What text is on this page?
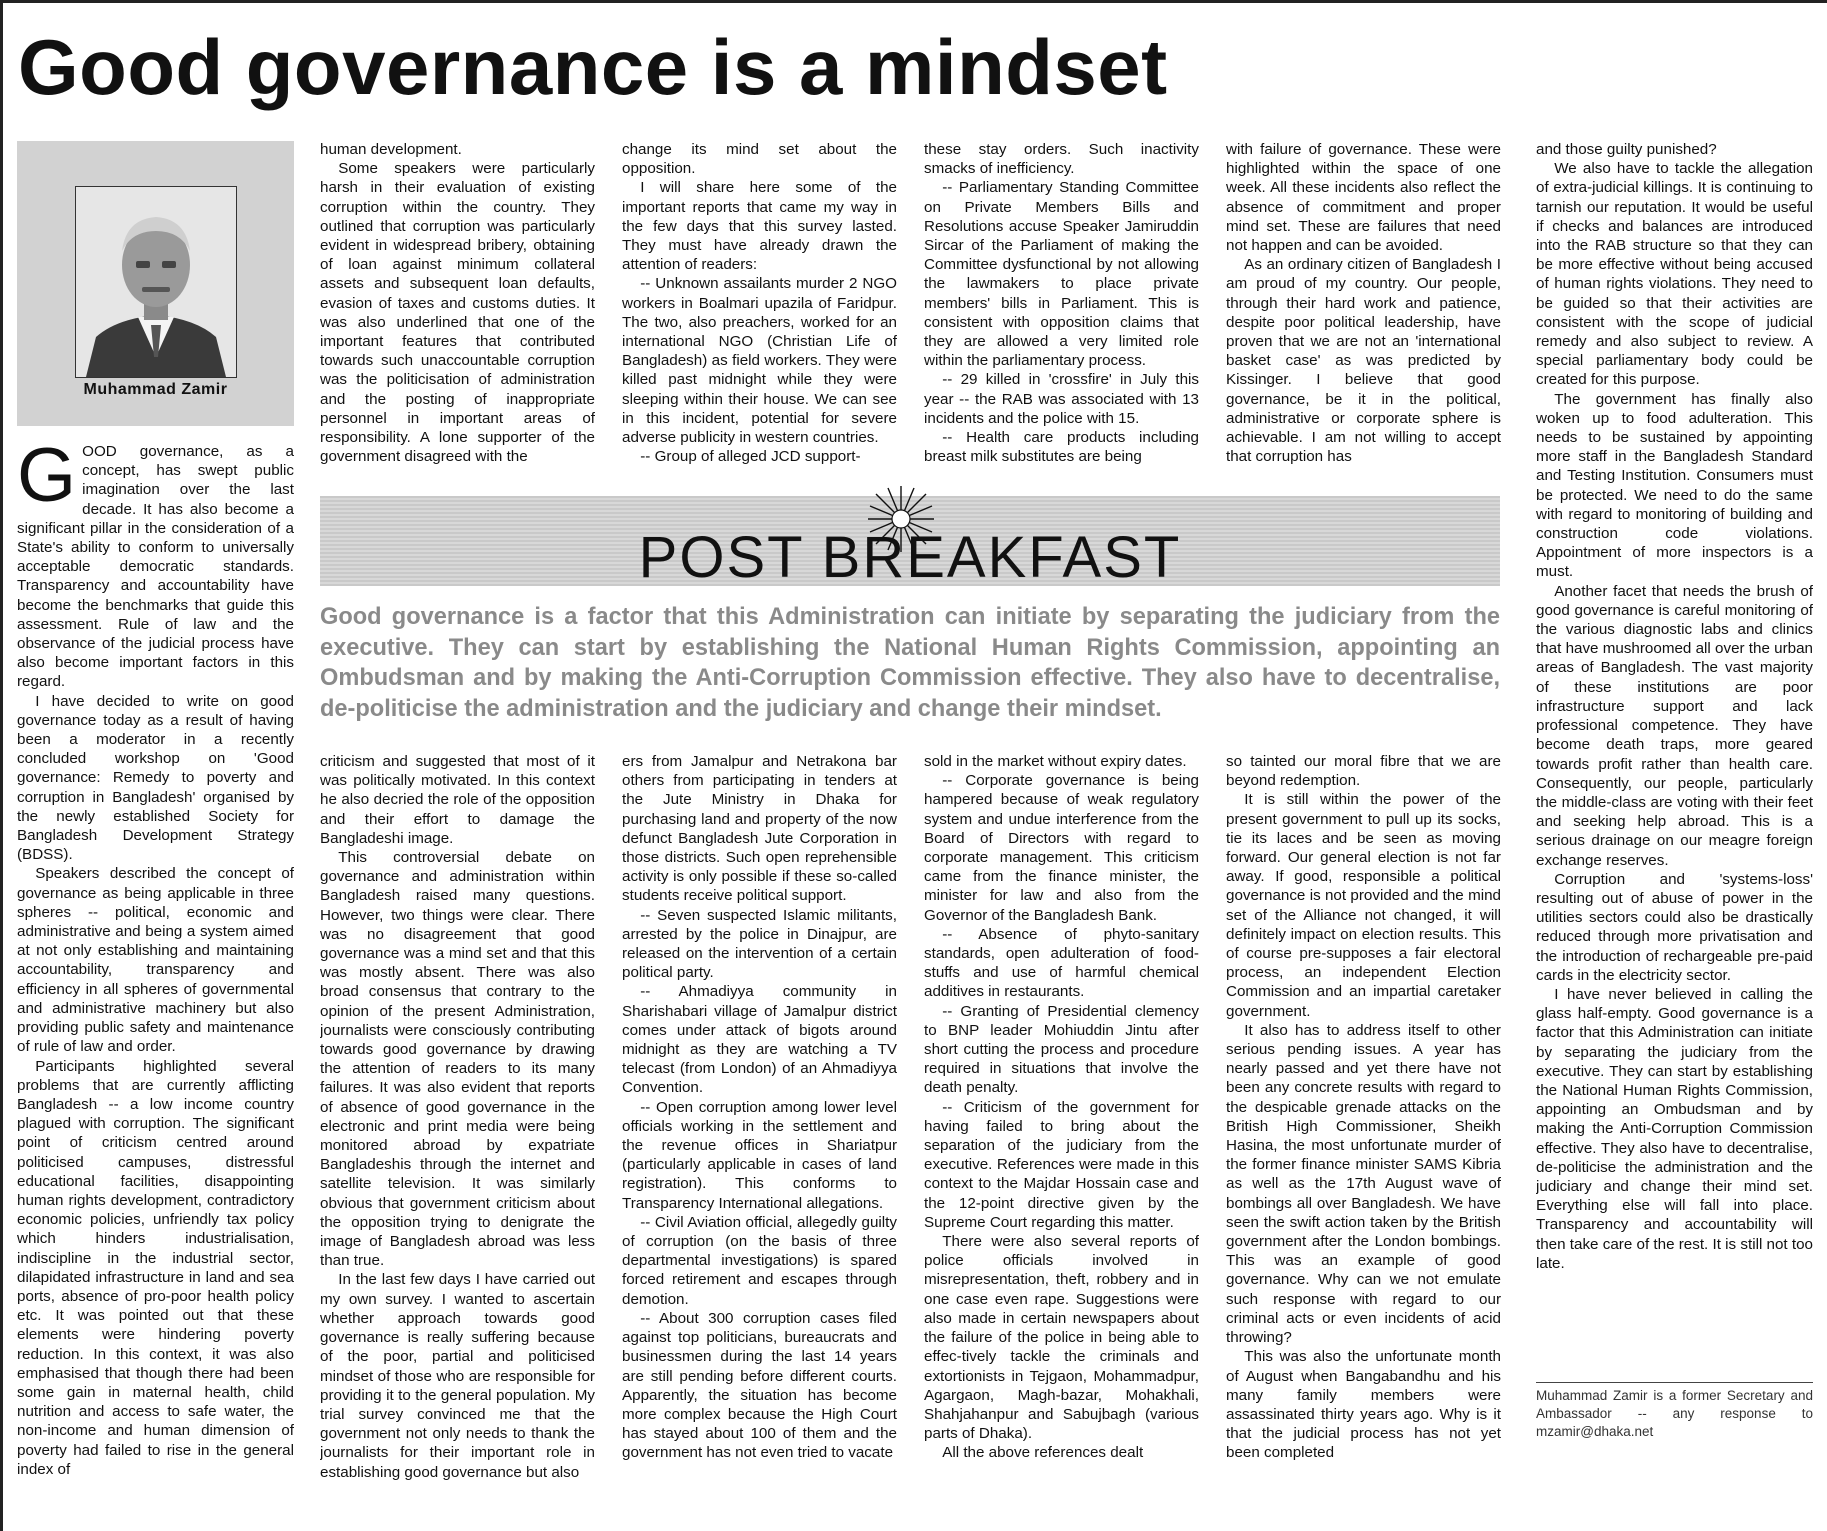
Good governance is a mindset
Muhammad Zamir

GOOD governance, as a concept, has swept public imagination over the last decade. It has also become a significant pillar in the consideration of a State's ability to conform to universally acceptable democratic standards. Transparency and accountability have become the benchmarks that guide this assessment. Rule of law and the observance of the judicial process have also become important factors in this regard.

I have decided to write on good governance today as a result of having been a moderator in a recently concluded workshop on 'Good governance: Remedy to poverty and corruption in Bangladesh' organised by the newly established Society for Bangladesh Development Strategy (BDSS).

Speakers described the concept of governance as being applicable in three spheres -- political, economic and administrative and being a system aimed at not only establishing and maintaining accountability, transparency and efficiency in all spheres of governmental and administrative machinery but also providing public safety and maintenance of rule of law and order.

Participants highlighted several problems that are currently afflicting Bangladesh -- a low income country plagued with corruption. The significant point of criticism centred around politicised campuses, distressful educational facilities, disappointing human rights development, contradictory economic policies, unfriendly tax policy which hinders industrialisation, indiscipline in the industrial sector, dilapidated infrastructure in land and sea ports, absence of pro-poor health policy etc. It was pointed out that these elements were hindering poverty reduction. In this context, it was also emphasised that though there had been some gain in maternal health, child nutrition and access to safe water, the non-income and human dimension of poverty had failed to rise in the general index of

human development.

Some speakers were particularly harsh in their evaluation of existing corruption within the country. They outlined that corruption was particularly evident in widespread bribery, obtaining of loan against minimum collateral assets and subsequent loan defaults, evasion of taxes and customs duties. It was also underlined that one of the important features that contributed towards such unaccountable corruption was the politicisation of administration and the posting of inappropriate personnel in important areas of responsibility. A lone supporter of the government disagreed with the

change its mind set about the opposition.

I will share here some of the important reports that came my way in the few days that this survey lasted. They must have already drawn the attention of readers:

-- Unknown assailants murder 2 NGO workers in Boalmari upazila of Faridpur. The two, also preachers, worked for an international NGO (Christian Life of Bangladesh) as field workers. They were killed past midnight while they were sleeping within their house. We can see in this incident, potential for severe adverse publicity in western countries.

-- Group of alleged JCD support-

these stay orders. Such inactivity smacks of inefficiency.

-- Parliamentary Standing Committee on Private Members Bills and Resolutions accuse Speaker Jamiruddin Sircar of the Parliament of making the Committee dysfunctional by not allowing the lawmakers to place private members' bills in Parliament. This is consistent with opposition claims that they are allowed a very limited role within the parliamentary process.

-- 29 killed in 'crossfire' in July this year -- the RAB was associated with 13 incidents and the police with 15.

-- Health care products including breast milk substitutes are being

with failure of governance. These were highlighted within the space of one week. All these incidents also reflect the absence of commitment and proper mind set. These are failures that need not happen and can be avoided.

As an ordinary citizen of Bangladesh I am proud of my country. Our people, through their hard work and patience, despite poor political leadership, have proven that we are not an 'international basket case' as was predicted by Kissinger. I believe that good governance, be it in the political, administrative or corporate sphere is achievable. I am not willing to accept that corruption has

POST BREAKFAST
Good governance is a factor that this Administration can initiate by separating the judiciary from the executive. They can start by establishing the National Human Rights Commission, appointing an Ombudsman and by making the Anti-Corruption Commission effective. They also have to decentralise, de-politicise the administration and the judiciary and change their mindset.

criticism and suggested that most of it was politically motivated. In this context he also decried the role of the opposition and their effort to damage the Bangladeshi image.

This controversial debate on governance and administration within Bangladesh raised many questions. However, two things were clear. There was no disagreement that good governance was a mind set and that this was mostly absent. There was also broad consensus that contrary to the opinion of the present Administration, journalists were consciously contributing towards good governance by drawing the attention of readers to its many failures. It was also evident that reports of absence of good governance in the electronic and print media were being monitored abroad by expatriate Bangladeshis through the internet and satellite television. It was similarly obvious that government criticism about the opposition trying to denigrate the image of Bangladesh abroad was less than true.

In the last few days I have carried out my own survey. I wanted to ascertain whether approach towards good governance is really suffering because of the poor, partial and politicised mindset of those who are responsible for providing it to the general population. My trial survey convinced me that the government not only needs to thank the journalists for their important role in establishing good governance but also

ers from Jamalpur and Netrakona bar others from participating in tenders at the Jute Ministry in Dhaka for purchasing land and property of the now defunct Bangladesh Jute Corporation in those districts. Such open reprehensible activity is only possible if these so-called students receive political support.

-- Seven suspected Islamic militants, arrested by the police in Dinajpur, are released on the intervention of a certain political party.

-- Ahmadiyya community in Sharishabari village of Jamalpur district comes under attack of bigots around midnight as they are watching a TV telecast (from London) of an Ahmadiyya Convention.

-- Open corruption among lower level officials working in the settlement and the revenue offices in Shariatpur (particularly applicable in cases of land registration). This conforms to Transparency International allegations.

-- Civil Aviation official, allegedly guilty of corruption (on the basis of three departmental investigations) is spared forced retirement and escapes through demotion.

-- About 300 corruption cases filed against top politicians, bureaucrats and businessmen during the last 14 years are still pending before different courts. Apparently, the situation has become more complex because the High Court has stayed about 100 of them and the government has not even tried to vacate

sold in the market without expiry dates.

-- Corporate governance is being hampered because of weak regulatory system and undue interference from the Board of Directors with regard to corporate management. This criticism came from the finance minister, the minister for law and also from the Governor of the Bangladesh Bank.

-- Absence of phyto-sanitary standards, open adulteration of food-stuffs and use of harmful chemical additives in restaurants.

-- Granting of Presidential clemency to BNP leader Mohiuddin Jintu after short cutting the process and procedure required in situations that involve the death penalty.

-- Criticism of the government for having failed to bring about the separation of the judiciary from the executive. References were made in this context to the Majdar Hossain case and the 12-point directive given by the Supreme Court regarding this matter.

There were also several reports of police officials involved in misrepresentation, theft, robbery and in one case even rape. Suggestions were also made in certain newspapers about the failure of the police in being able to effec-tively tackle the criminals and extortionists in Tejgaon, Mohammadpur, Agargaon, Magh-bazar, Mohakhali, Shahjahanpur and Sabujbagh (various parts of Dhaka).

All the above references dealt

so tainted our moral fibre that we are beyond redemption.

It is still within the power of the present government to pull up its socks, tie its laces and be seen as moving forward. Our general election is not far away. If good, responsible a political governance is not provided and the mind set of the Alliance not changed, it will definitely impact on election results. This of course pre-supposes a fair electoral process, an independent Election Commission and an impartial caretaker government.

It also has to address itself to other serious pending issues. A year has nearly passed and yet there have not been any concrete results with regard to the despicable grenade attacks on the British High Commissioner, Sheikh Hasina, the most unfortunate murder of the former finance minister SAMS Kibria as well as the 17th August wave of bombings all over Bangladesh. We have seen the swift action taken by the British government after the London bombings. This was an example of good governance. Why can we not emulate such response with regard to our criminal acts or even incidents of acid throwing?

This was also the unfortunate month of August when Bangabandhu and his many family members were assassinated thirty years ago. Why is it that the judicial process has not yet been completed

and those guilty punished?

We also have to tackle the allegation of extra-judicial killings. It is continuing to tarnish our reputation. It would be useful if checks and balances are introduced into the RAB structure so that they can be more effective without being accused of human rights violations. They need to be guided so that their activities are consistent with the scope of judicial remedy and also subject to review. A special parliamentary body could be created for this purpose.

The government has finally also woken up to food adulteration. This needs to be sustained by appointing more staff in the Bangladesh Standard and Testing Institution. Consumers must be protected. We need to do the same with regard to monitoring of building and construction code violations. Appointment of more inspectors is a must.

Another facet that needs the brush of good governance is careful monitoring of the various diagnostic labs and clinics that have mushroomed all over the urban areas of Bangladesh. The vast majority of these institutions are poor infrastructure support and lack professional competence. They have become death traps, more geared towards profit rather than health care. Consequently, our people, particularly the middle-class are voting with their feet and seeking help abroad. This is a serious drainage on our meagre foreign exchange reserves.

Corruption and 'systems-loss' resulting out of abuse of power in the utilities sectors could also be drastically reduced through more privatisation and the introduction of rechargeable pre-paid cards in the electricity sector.

I have never believed in calling the glass half-empty. Good governance is a factor that this Administration can initiate by separating the judiciary from the executive. They can start by establishing the National Human Rights Commission, appointing an Ombudsman and by making the Anti-Corruption Commission effective. They also have to decentralise, de-politicise the administration and the judiciary and change their mind set. Everything else will fall into place. Transparency and accountability will then take care of the rest. It is still not too late.

Muhammad Zamir is a former Secretary and Ambassador -- any response to mzamir@dhaka.net
